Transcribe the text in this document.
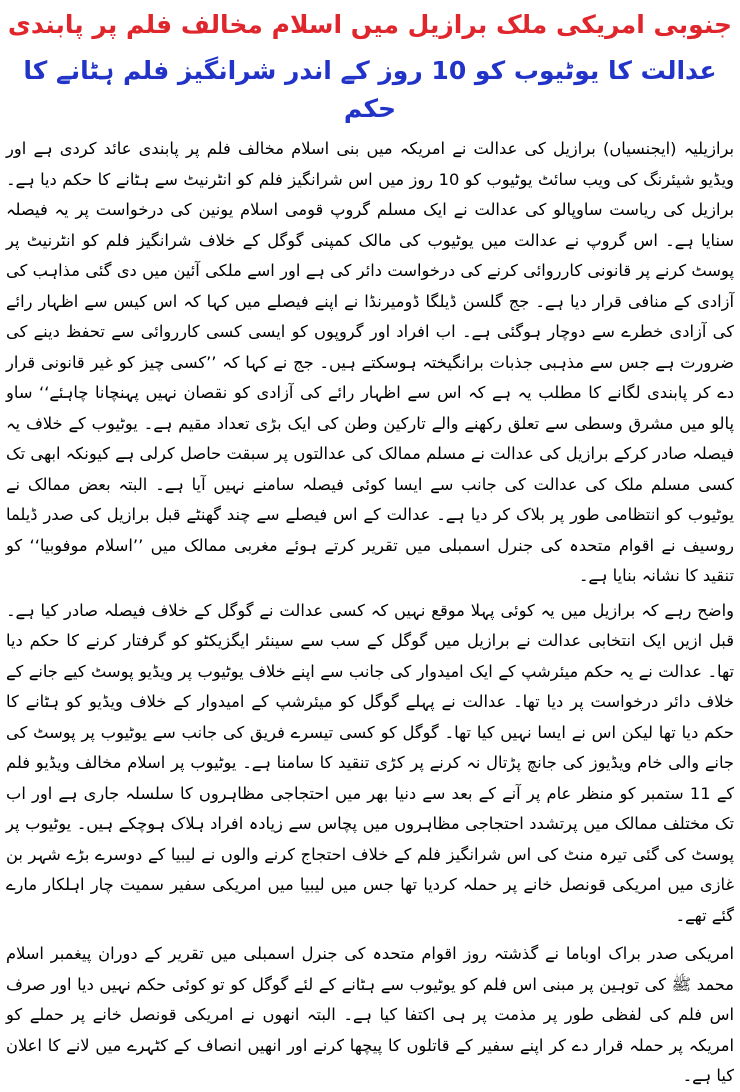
جنوبی امریکی ملک برازیل میں اسلام مخالف فلم پر پابندی
عدالت کا یوٹیوب کو 10 روز کے اندر شرانگیز فلم ہٹانے کا حکم

برازیلیہ (ایجنسیاں) برازیل کی عدالت نے امریکہ میں بنی اسلام مخالف فلم پر پابندی عائد کردی ہے اور ویڈیو شیئرنگ کی ویب سائٹ یوٹیوب کو 10 روز میں اس شرانگیز فلم کو انٹرنیٹ سے ہٹانے کا حکم دیا ہے۔ برازیل کی ریاست ساوپالو کی عدالت نے ایک مسلم گروپ قومی اسلام یونین کی درخواست پر یہ فیصلہ سنایا ہے۔ اس گروپ نے عدالت میں یوٹیوب کی مالک کمپنی گوگل کے خلاف شرانگیز فلم کو انٹرنیٹ پر پوسٹ کرنے پر قانونی کارروائی کرنے کی درخواست دائر کی ہے اور اسے ملکی آئین میں دی گئی مذاہب کی آزادی کے منافی قرار دیا ہے۔ جج گلسن ڈیلگا ڈومیرنڈا نے اپنے فیصلے میں کہا کہ اس کیس سے اظہار رائے کی آزادی خطرے سے دوچار ہوگئی ہے۔ اب افراد اور گروپوں کو ایسی کسی کارروائی سے تحفظ دینے کی ضرورت ہے جس سے مذہبی جذبات برانگیختہ ہوسکتے ہیں۔ جج نے کہا کہ ’’کسی چیز کو غیر قانونی قرار دے کر پابندی لگانے کا مطلب یہ ہے کہ اس سے اظہار رائے کی آزادی کو نقصان نہیں پہنچانا چاہئے‘‘ ساو پالو میں مشرق وسطی سے تعلق رکھنے والے تارکین وطن کی ایک بڑی تعداد مقیم ہے۔ یوٹیوب کے خلاف یہ فیصلہ صادر کرکے برازیل کی عدالت نے مسلم ممالک کی عدالتوں پر سبقت حاصل کرلی ہے کیونکہ ابھی تک کسی مسلم ملک کی عدالت کی جانب سے ایسا کوئی فیصلہ سامنے نہیں آیا ہے۔ البتہ بعض ممالک نے یوٹیوب کو انتظامی طور پر بلاک کر دیا ہے۔ عدالت کے اس فیصلے سے چند گھنٹے قبل برازیل کی صدر ڈیلما روسیف نے اقوام متحدہ کی جنرل اسمبلی میں تقریر کرتے ہوئے مغربی ممالک میں ’’اسلام موفوبیا‘‘ کو تنقید کا نشانہ بنایا ہے۔

واضح رہے کہ برازیل میں یہ کوئی پہلا موقع نہیں کہ کسی عدالت نے گوگل کے خلاف فیصلہ صادر کیا ہے۔ قبل ازیں ایک انتخابی عدالت نے برازیل میں گوگل کے سب سے سینئر ایگزیکٹو کو گرفتار کرنے کا حکم دیا تھا۔ عدالت نے یہ حکم میئرشپ کے ایک امیدوار کی جانب سے اپنے خلاف یوٹیوب پر ویڈیو پوسٹ کیے جانے کے خلاف دائر درخواست پر دیا تھا۔ عدالت نے پہلے گوگل کو میئرشپ کے امیدوار کے خلاف ویڈیو کو ہٹانے کا حکم دیا تھا لیکن اس نے ایسا نہیں کیا تھا۔ گوگل کو کسی تیسرے فریق کی جانب سے یوٹیوب پر پوسٹ کی جانے والی خام ویڈیوز کی جانچ پڑتال نہ کرنے پر کڑی تنقید کا سامنا ہے۔ یوٹیوب پر اسلام مخالف ویڈیو فلم کے 11 ستمبر کو منظر عام پر آنے کے بعد سے دنیا بھر میں احتجاجی مظاہروں کا سلسلہ جاری ہے اور اب تک مختلف ممالک میں پرتشدد احتجاجی مظاہروں میں پچاس سے زیادہ افراد ہلاک ہوچکے ہیں۔ یوٹیوب پر پوسٹ کی گئی تیرہ منٹ کی اس شرانگیز فلم کے خلاف احتجاج کرنے والوں نے لیبیا کے دوسرے بڑے شہر بن غازی میں امریکی قونصل خانے پر حملہ کردیا تھا جس میں لیبیا میں امریکی سفیر سمیت چار اہلکار مارے گئے تھے۔

امریکی صدر براک اوباما نے گذشتہ روز اقوام متحدہ کی جنرل اسمبلی میں تقریر کے دوران پیغمبر اسلام محمد ﷺ کی توہین پر مبنی اس فلم کو یوٹیوب سے ہٹانے کے لئے گوگل کو تو کوئی حکم نہیں دیا اور صرف اس فلم کی لفظی طور پر مذمت پر ہی اکتفا کیا ہے۔ البتہ انھوں نے امریکی قونصل خانے پر حملے کو امریکہ پر حملہ قرار دے کر اپنے سفیر کے قاتلوں کا پیچھا کرنے اور انھیں انصاف کے کٹہرے میں لانے کا اعلان کیا ہے۔
